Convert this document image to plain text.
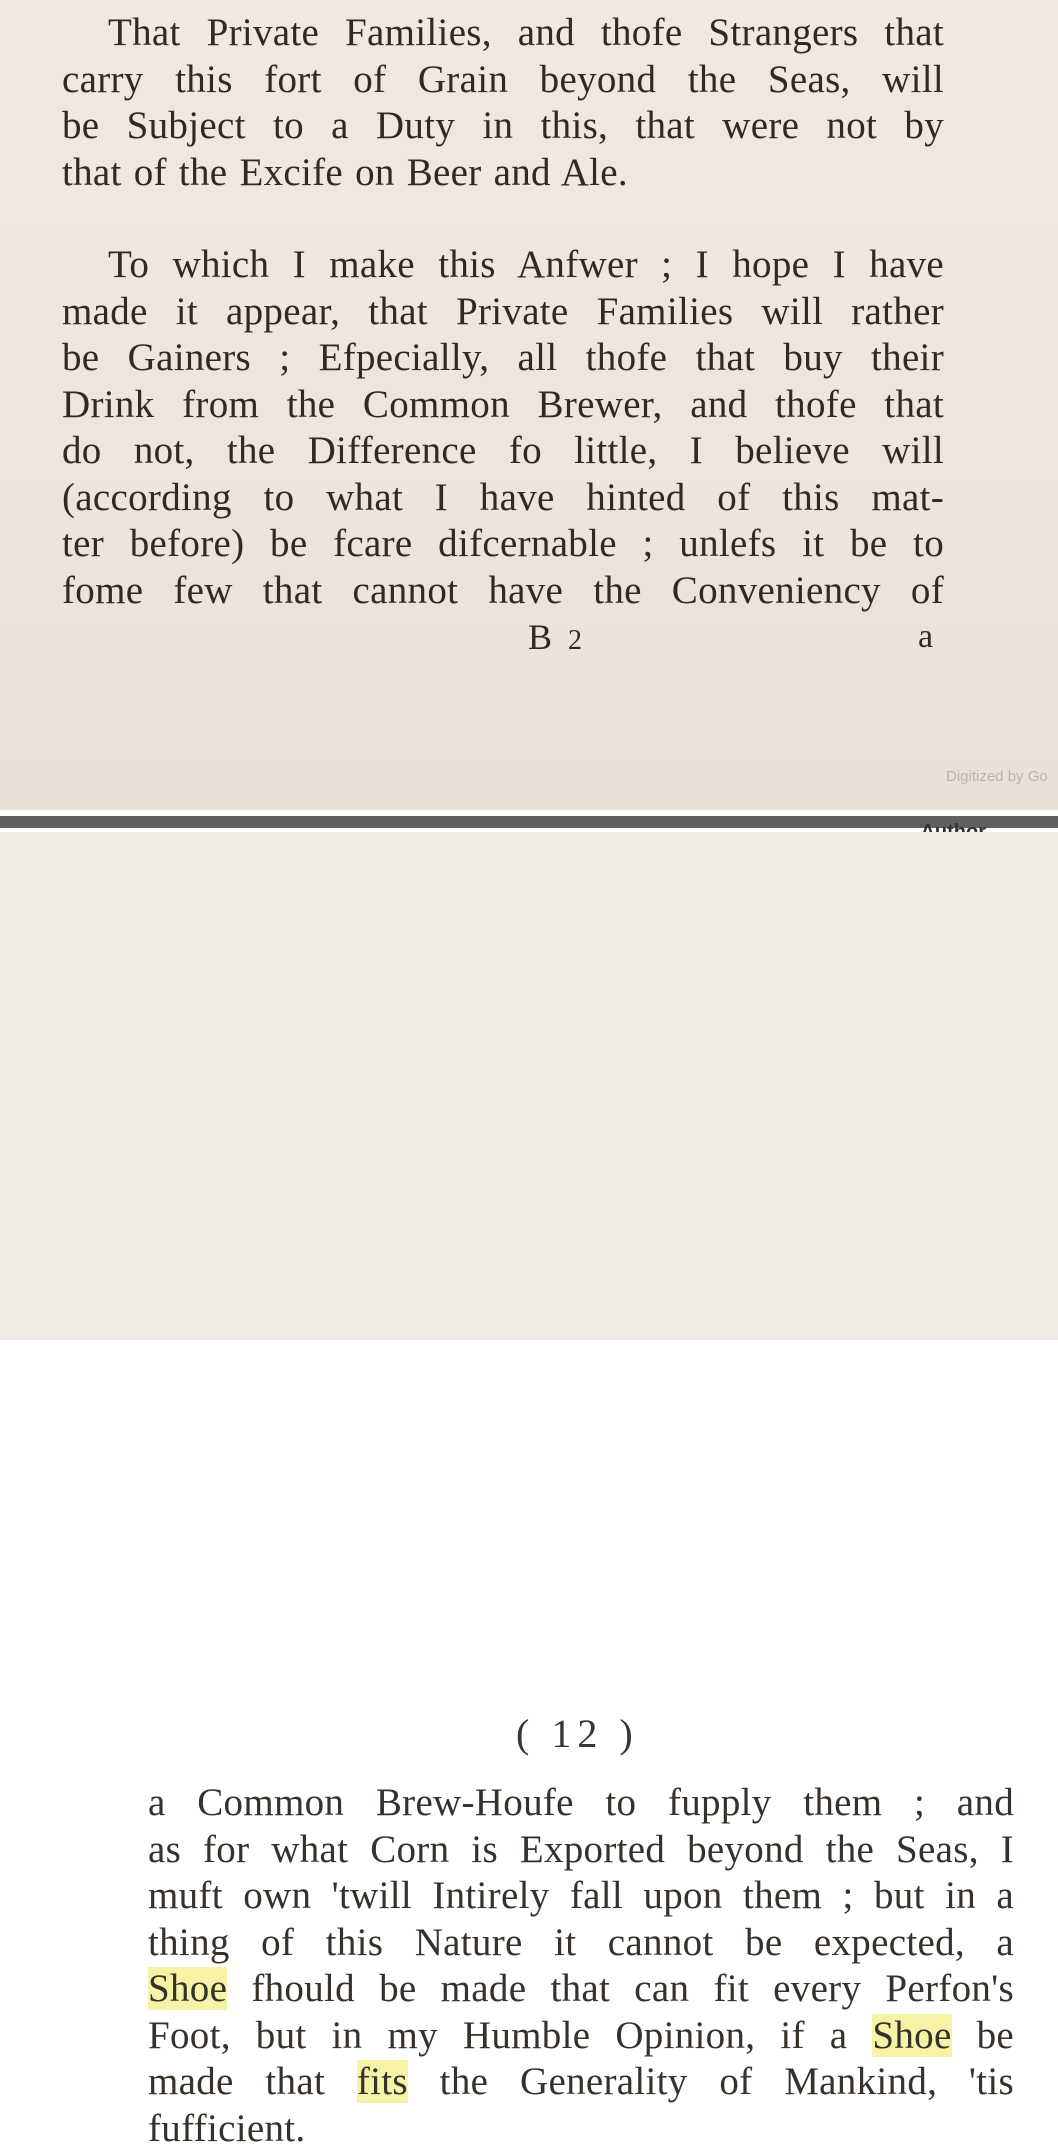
That Private Families, and thofe Strangers that
carry this fort of Grain beyond the Seas, will
be Subject to a Duty in this, that were not by
that of the Excife on Beer and Ale.

To which I make this Anfwer ; I hope I have
made it appear, that Private Families will rather
be Gainers ; Efpecially, all thofe that buy their
Drink from the Common Brewer, and thofe that
do not, the Difference fo little, I believe will
(according to what I have hinted of this mat-
ter before) be fcare difcernable ; unlefs it be to
fome few that cannot have the Conveniency of

B 2	a
Digitized by Go
( 12 )

a Common Brew-Houfe to fupply them ; and
as for what Corn is Exported beyond the Seas, I
muft own 'twill Intirely fall upon them ; but in a
thing of this Nature it cannot be expected, a
Shoe fhould be made that can fit every Perfon's
Foot, but in my Humble Opinion, if a Shoe be
made that fits the Generality of Mankind, 'tis
fufficient.
